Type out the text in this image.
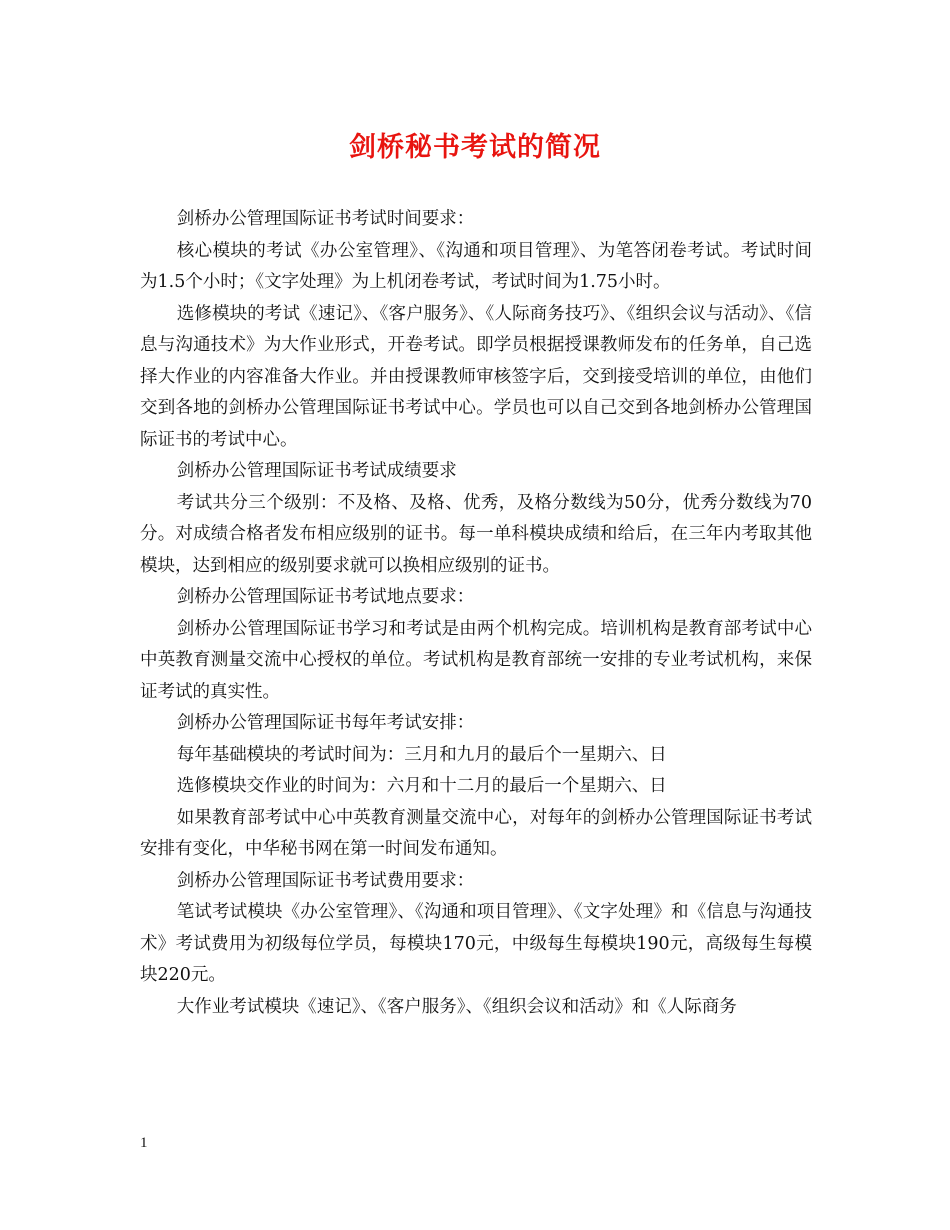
剑桥秘书考试的简况

剑桥办公管理国际证书考试时间要求：

核心模块的考试《办公室管理》、《沟通和项目管理》、为笔答闭卷考试。考试时间为1.5个小时；《文字处理》为上机闭卷考试，考试时间为1.75小时。

选修模块的考试《速记》、《客户服务》、《人际商务技巧》、《组织会议与活动》、《信息与沟通技术》为大作业形式，开卷考试。即学员根据授课教师发布的任务单，自己选择大作业的内容准备大作业。并由授课教师审核签字后，交到接受培训的单位，由他们交到各地的剑桥办公管理国际证书考试中心。学员也可以自己交到各地剑桥办公管理国际证书的考试中心。

剑桥办公管理国际证书考试成绩要求

考试共分三个级别：不及格、及格、优秀，及格分数线为50分，优秀分数线为70分。对成绩合格者发布相应级别的证书。每一单科模块成绩和给后，在三年内考取其他模块，达到相应的级别要求就可以换相应级别的证书。

剑桥办公管理国际证书考试地点要求：

剑桥办公管理国际证书学习和考试是由两个机构完成。培训机构是教育部考试中心中英教育测量交流中心授权的单位。考试机构是教育部统一安排的专业考试机构，来保证考试的真实性。

剑桥办公管理国际证书每年考试安排：

每年基础模块的考试时间为：三月和九月的最后个一星期六、日

选修模块交作业的时间为：六月和十二月的最后一个星期六、日

如果教育部考试中心中英教育测量交流中心，对每年的剑桥办公管理国际证书考试安排有变化，中华秘书网在第一时间发布通知。

剑桥办公管理国际证书考试费用要求：

笔试考试模块《办公室管理》、《沟通和项目管理》、《文字处理》和《信息与沟通技术》考试费用为初级每位学员，每模块170元，中级每生每模块190元，高级每生每模块220元。

大作业考试模块《速记》、《客户服务》、《组织会议和活动》和《人际商务

1
